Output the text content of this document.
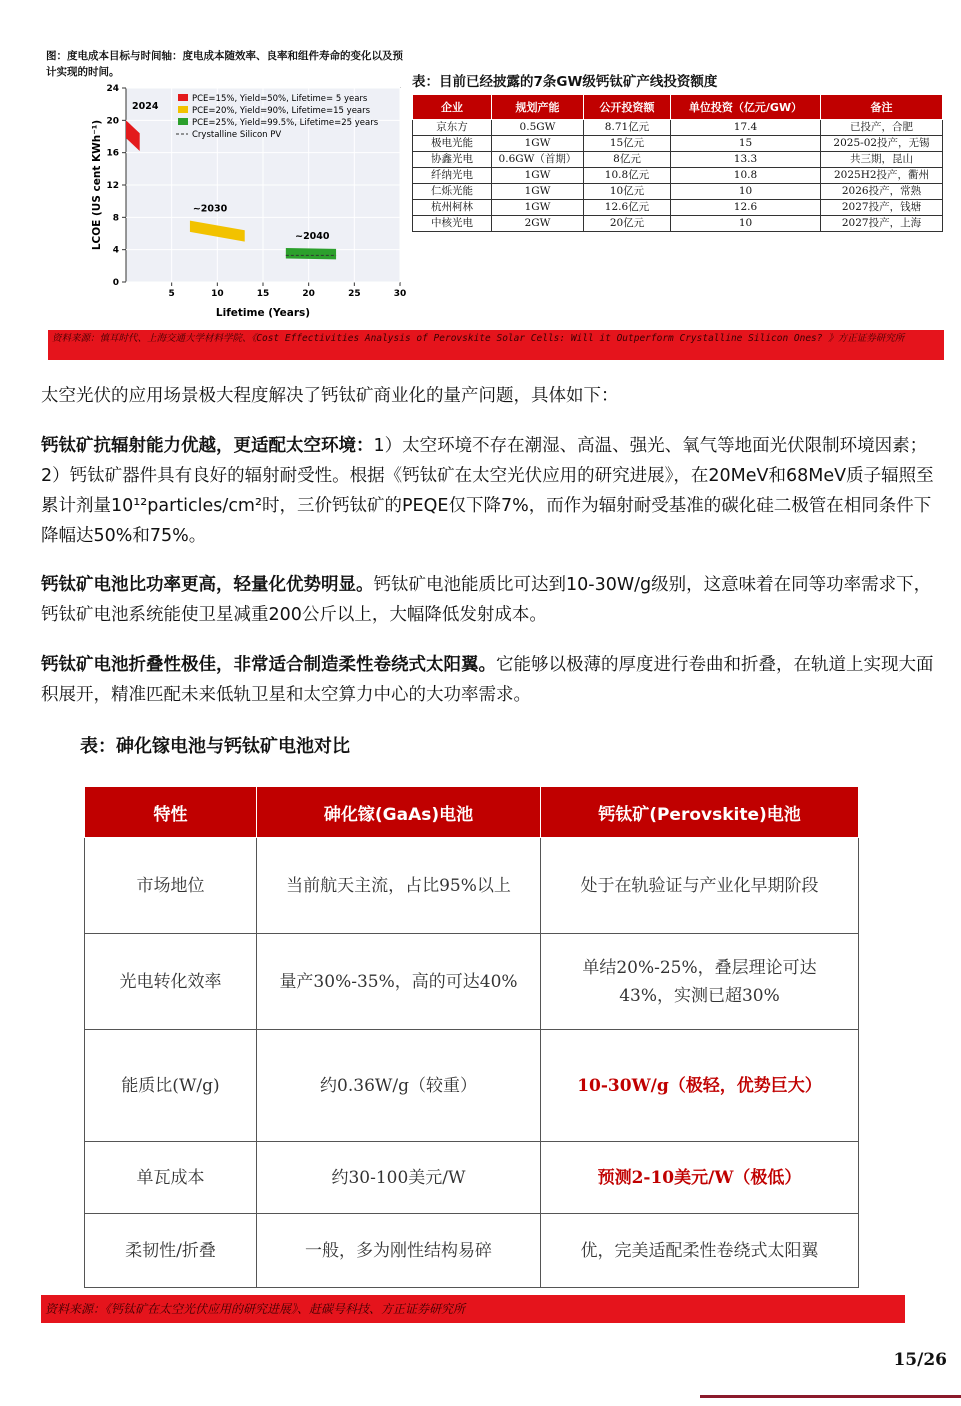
图：度电成本目标与时间轴：度电成本随效率、良率和组件寿命的变化以及预计实现的时间。
5	10	15	20	25	30
0
4
8
12
16
20
24
Lifetime (Years)
LCOE (US cent KWh⁻¹)
2024
~2030
~2040
PCE=15%, Yield=50%, Lifetime= 5 years
PCE=20%, Yield=90%, Lifetime=15 years
PCE=25%, Yield=99.5%, Lifetime=25 years
Crystalline Silicon PV
表：目前已经披露的7条GW级钙钛矿产线投资额度
企业	规划产能	公开投资额	单位投资（亿元/GW）	备注
京东方	0.5GW	8.71亿元	17.4	已投产，合肥
极电光能	1GW	15亿元	15	2025-02投产，无锡
协鑫光电	0.6GW（首期）	8亿元	13.3	共三期，昆山
纤纳光电	1GW	10.8亿元	10.8	2025H2投产，衢州
仁烁光能	1GW	10亿元	10	2026投产，常熟
杭州柯林	1GW	12.6亿元	12.6	2027投产，钱塘
中核光电	2GW	20亿元	10	2027投产，上海
资料来源：慎耳时代、上海交通大学材料学院、《Cost Effectivities Analysis of Perovskite Solar Cells: Will it Outperform Crystalline Silicon Ones? 》方正证券研究所
太空光伏的应用场景极大程度解决了钙钛矿商业化的量产问题，具体如下：
钙钛矿抗辐射能力优越，更适配太空环境：1）太空环境不存在潮湿、高温、强光、氧气等地面光伏限制环境因素；2）钙钛矿器件具有良好的辐射耐受性。根据《钙钛矿在太空光伏应用的研究进展》，在20MeV和68MeV质子辐照至累计剂量10¹²particles/cm²时，三价钙钛矿的PEQE仅下降7%，而作为辐射耐受基准的碳化硅二极管在相同条件下降幅达50%和75%。
钙钛矿电池比功率更高，轻量化优势明显。钙钛矿电池能质比可达到10-30W/g级别，这意味着在同等功率需求下，钙钛矿电池系统能使卫星减重200公斤以上，大幅降低发射成本。
钙钛矿电池折叠性极佳，非常适合制造柔性卷绕式太阳翼。它能够以极薄的厚度进行卷曲和折叠，在轨道上实现大面积展开，精准匹配未来低轨卫星和太空算力中心的大功率需求。
表：砷化镓电池与钙钛矿电池对比
特性	砷化镓(GaAs)电池	钙钛矿(Perovskite)电池
市场地位	当前航天主流，占比95%以上	处于在轨验证与产业化早期阶段
光电转化效率	量产30%-35%，高的可达40%	单结20%-25%，叠层理论可达43%，实测已超30%
能质比(W/g)	约0.36W/g（较重）	10-30W/g（极轻，优势巨大）
单瓦成本	约30-100美元/W	预测2-10美元/W（极低）
柔韧性/折叠	一般，多为刚性结构易碎	优，完美适配柔性卷绕式太阳翼
资料来源：《钙钛矿在太空光伏应用的研究进展》、赶碳号科技、方正证券研究所
15/26
